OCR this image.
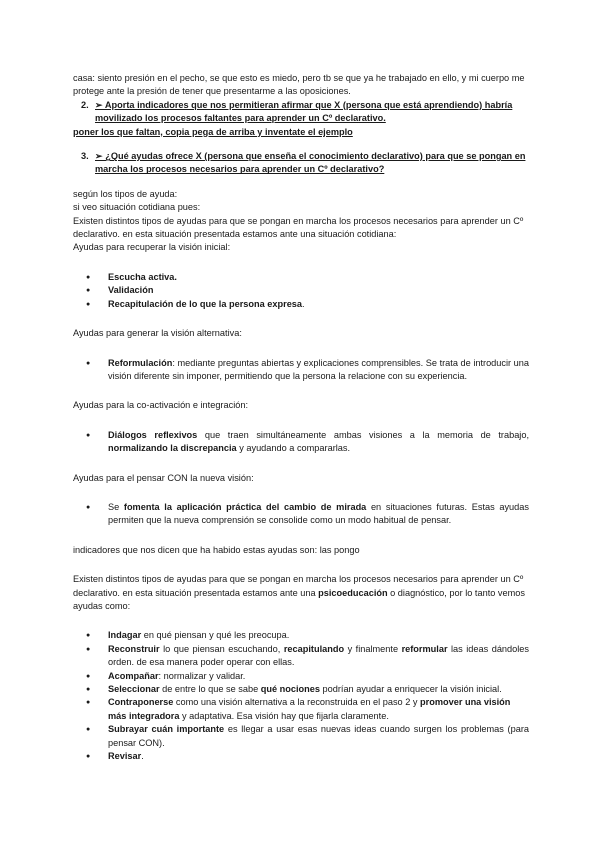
casa: siento presión en el pecho, se que esto es miedo, pero tb se que ya he trabajado en ello, y mi cuerpo me protege ante la presión de tener que presentarme a las oposiciones.

2. ➢ Aporta indicadores que nos permitieran afirmar que X (persona que está aprendiendo) habría movilizado los procesos faltantes para aprender un Cº declarativo.

poner los que faltan, copia pega de arriba y inventate el ejemplo

3. ➢ ¿Qué ayudas ofrece X (persona que enseña el conocimiento declarativo) para que se pongan en marcha los procesos necesarios para aprender un Cº declarativo?

según los tipos de ayuda:

si veo situación cotidiana pues:

Existen distintos tipos de ayudas para que se pongan en marcha los procesos necesarios para aprender un Cº declarativo. en esta situación presentada estamos ante una situación cotidiana:

Ayudas para recuperar la visión inicial:

● Escucha activa.
● Validación
● Recapitulación de lo que la persona expresa.

Ayudas para generar la visión alternativa:

● Reformulación: mediante preguntas abiertas y explicaciones comprensibles. Se trata de introducir una visión diferente sin imponer, permitiendo que la persona la relacione con su experiencia.

Ayudas para la co-activación e integración:

● Diálogos reflexivos que traen simultáneamente ambas visiones a la memoria de trabajo, normalizando la discrepancia y ayudando a compararlas.

Ayudas para el pensar CON la nueva visión:

● Se fomenta la aplicación práctica del cambio de mirada en situaciones futuras. Estas ayudas permiten que la nueva comprensión se consolide como un modo habitual de pensar.

indicadores que nos dicen que ha habido estas ayudas son: las pongo

Existen distintos tipos de ayudas para que se pongan en marcha los procesos necesarios para aprender un Cº declarativo. en esta situación presentada estamos ante una psicoeducación o diagnóstico, por lo tanto vemos ayudas como:

● Indagar en qué piensan y qué les preocupa.
● Reconstruir lo que piensan escuchando, recapitulando y finalmente reformular las ideas dándoles orden. de esa manera poder operar con ellas.
● Acompañar: normalizar y validar.
● Seleccionar de entre lo que se sabe qué nociones podrían ayudar a enriquecer la visión inicial.
● Contraponerse como una visión alternativa a la reconstruida en el paso 2 y promover una visión más integradora y adaptativa. Esa visión hay que fijarla claramente.
● Subrayar cuán importante es llegar a usar esas nuevas ideas cuando surgen los problemas (para pensar CON).
● Revisar.
